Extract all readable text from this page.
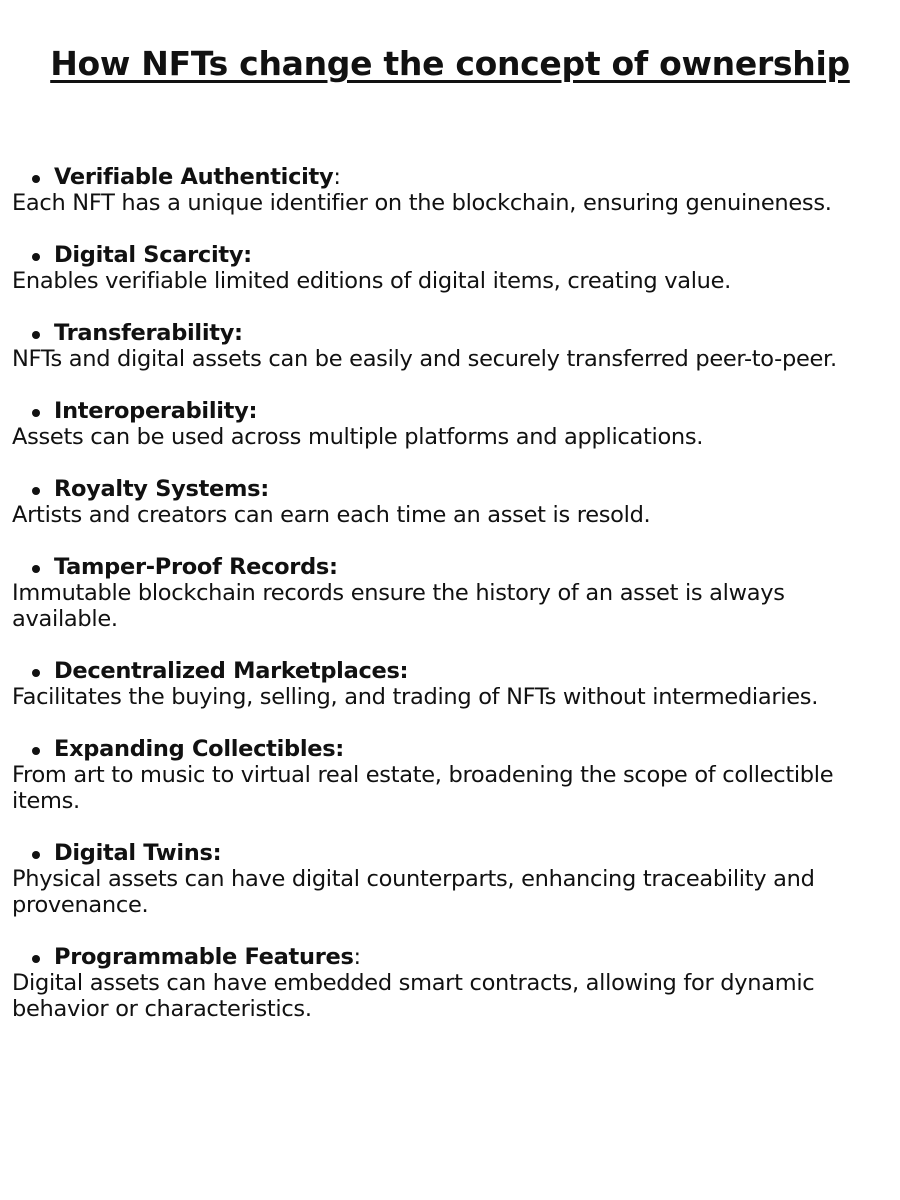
How NFTs change the concept of ownership
Verifiable Authenticity:
Each NFT has a unique identifier on the blockchain, ensuring genuineness.
Digital Scarcity:
Enables verifiable limited editions of digital items, creating value.
Transferability:
NFTs and digital assets can be easily and securely transferred peer-to-peer.
Interoperability:
Assets can be used across multiple platforms and applications.
Royalty Systems:
Artists and creators can earn each time an asset is resold.
Tamper-Proof Records:
Immutable blockchain records ensure the history of an asset is always available.
Decentralized Marketplaces:
Facilitates the buying, selling, and trading of NFTs without intermediaries.
Expanding Collectibles:
From art to music to virtual real estate, broadening the scope of collectible items.
Digital Twins:
Physical assets can have digital counterparts, enhancing traceability and provenance.
Programmable Features:
Digital assets can have embedded smart contracts, allowing for dynamic behavior or characteristics.
